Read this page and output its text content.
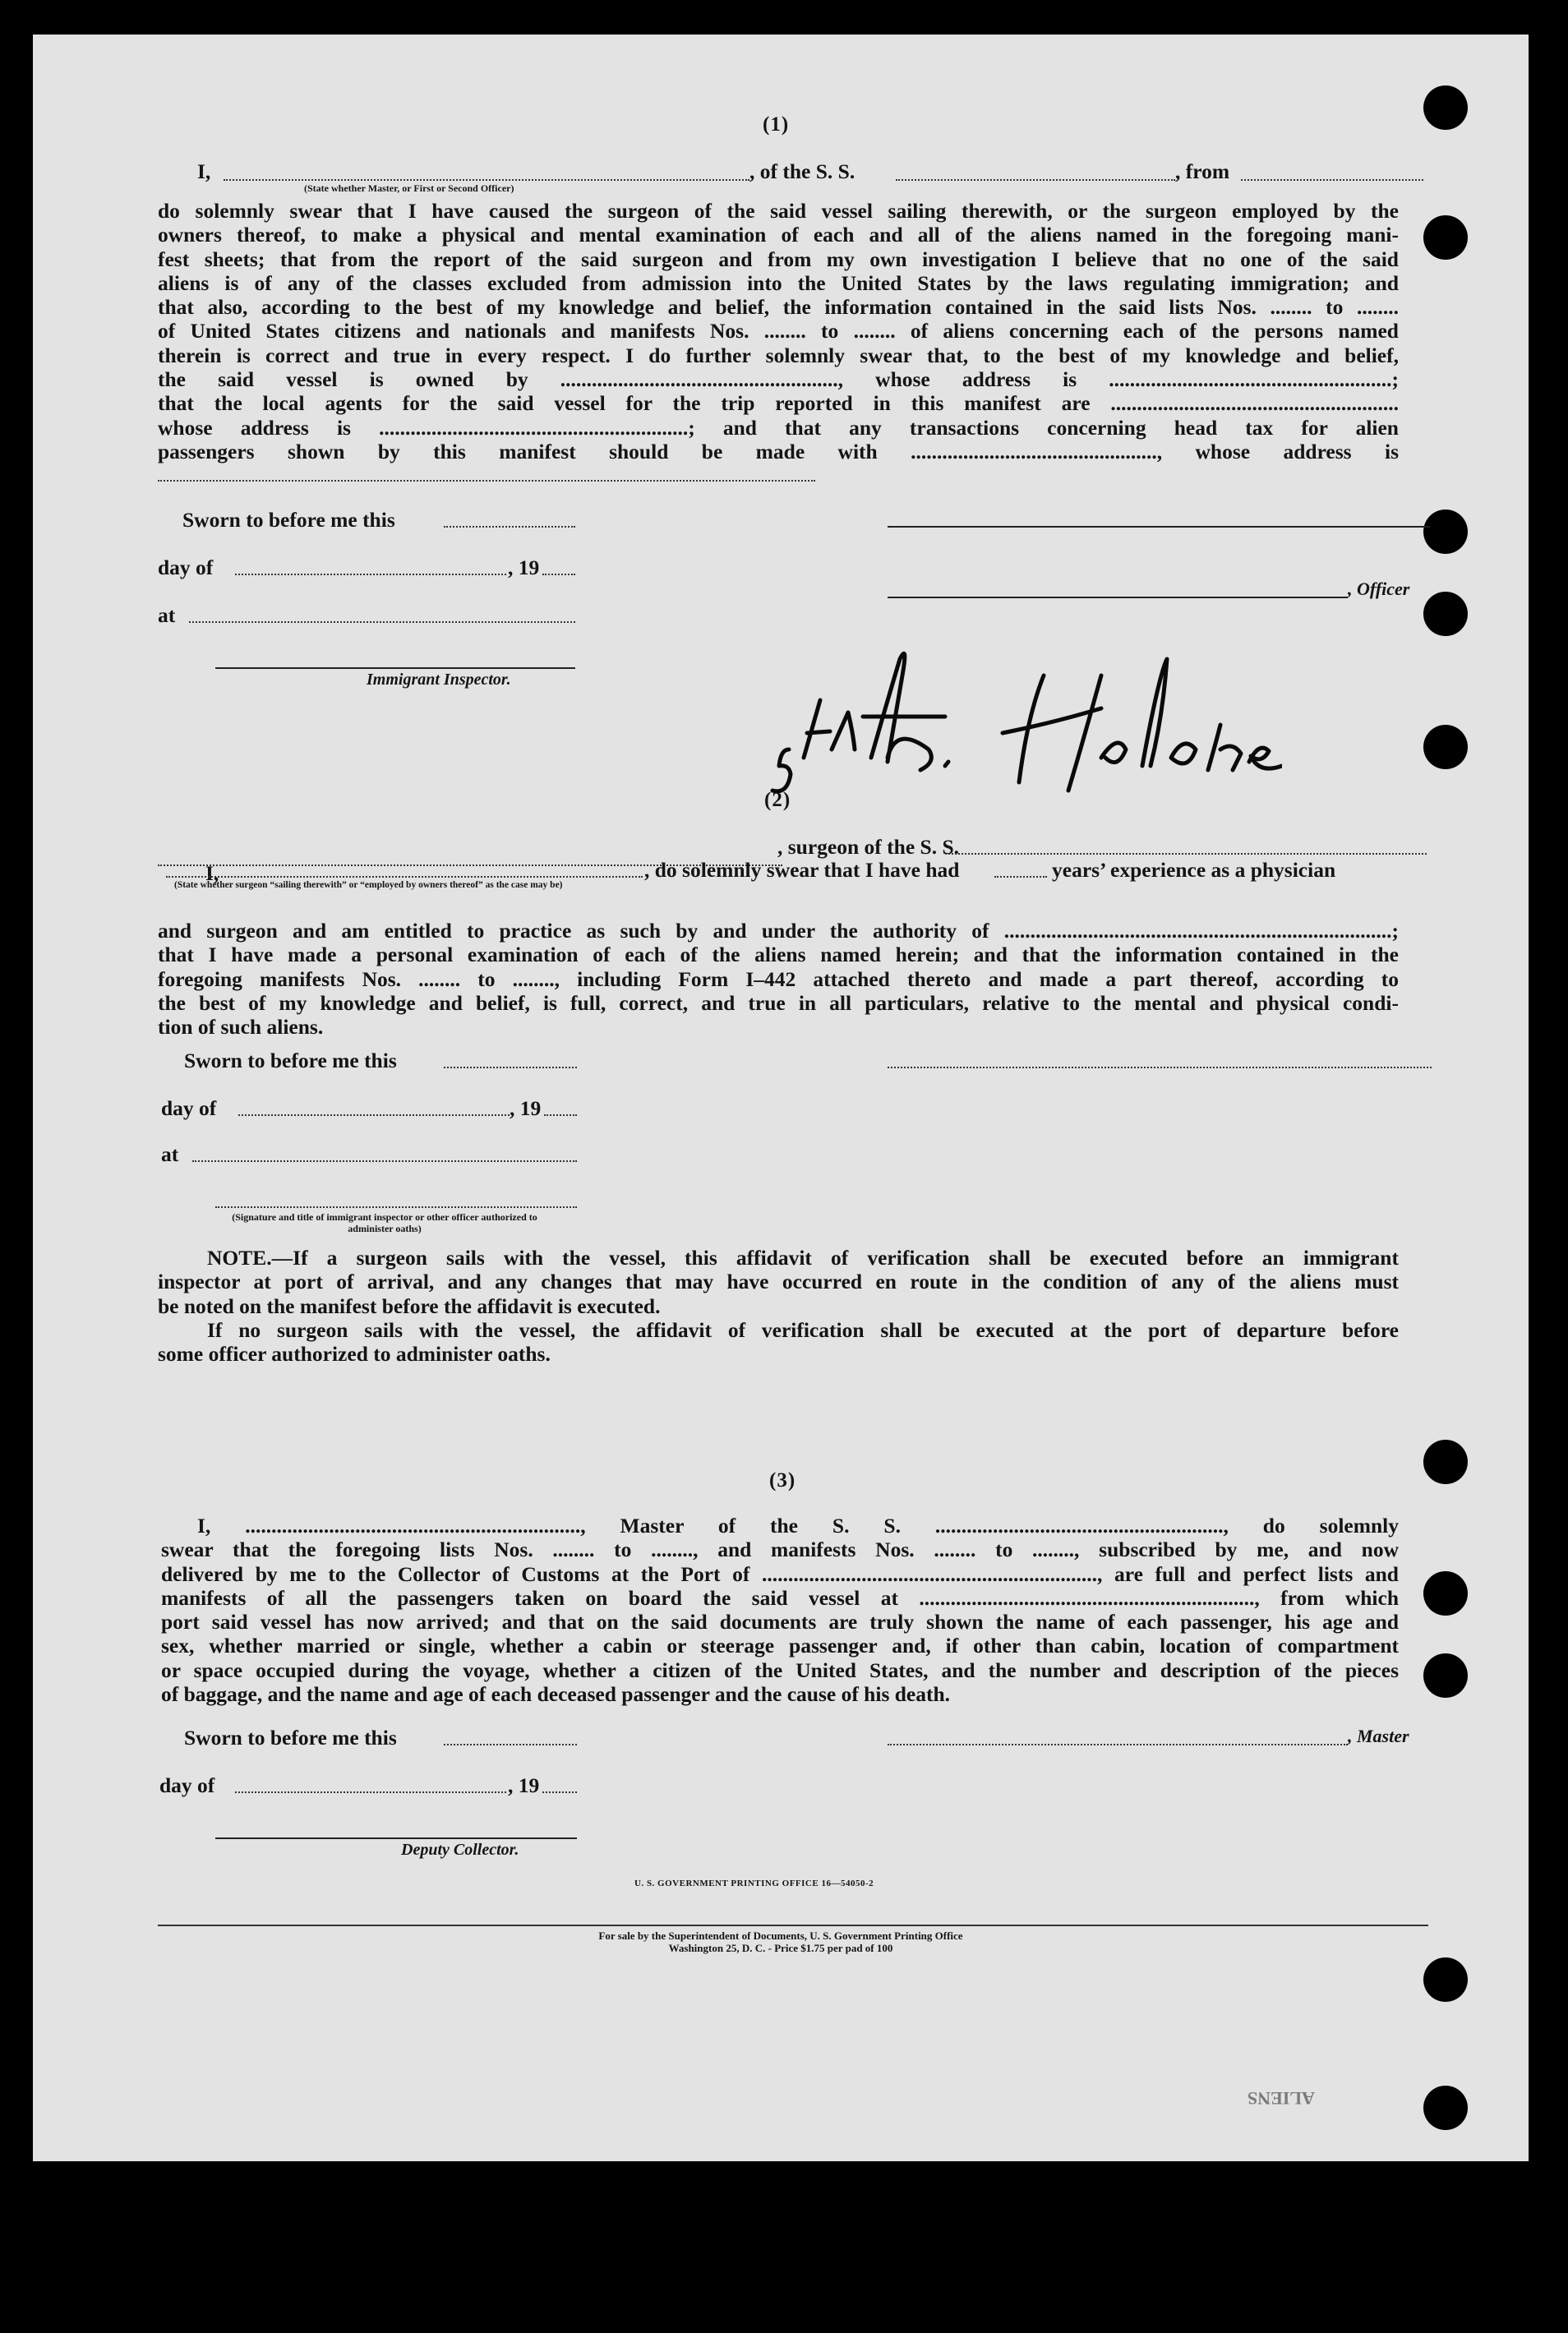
(1)
I,	, of the S. S.	, from
(State whether Master, or First or Second Officer)
do solemnly swear that I have caused the surgeon of the said vessel sailing therewith, or the surgeon employed by the
owners thereof, to make a physical and mental examination of each and all of the aliens named in the foregoing mani-
fest sheets; that from the report of the said surgeon and from my own investigation I believe that no one of the said
aliens is of any of the classes excluded from admission into the United States by the laws regulating immigration; and
that also, according to the best of my knowledge and belief, the information contained in the said lists Nos. ........ to ........
of United States citizens and nationals and manifests Nos. ........ to ........ of aliens concerning each of the persons named
therein is correct and true in every respect. I do further solemnly swear that, to the best of my knowledge and belief,
the said vessel is owned by ....................................................., whose address is ......................................................;
that the local agents for the said vessel for the trip reported in this manifest are .......................................................
whose address is ...........................................................; and that any transactions concerning head tax for alien
passengers shown by this manifest should be made with ..............................................., whose address is
Sworn to before me this
day of	, 19
, Officer
at
Immigrant Inspector.
(2)
, surgeon of the S. S.
I,	, do solemnly swear that I have had	years’ experience as a physician
(State whether surgeon “sailing therewith” or “employed by owners thereof” as the case may be)
and surgeon and am entitled to practice as such by and under the authority of ..........................................................................;
that I have made a personal examination of each of the aliens named herein; and that the information contained in the
foregoing manifests Nos. ........ to ........, including Form I–442 attached thereto and made a part thereof, according to
the best of my knowledge and belief, is full, correct, and true in all particulars, relative to the mental and physical condi-
tion of such aliens.
Sworn to before me this
day of	, 19
at
(Signature and title of immigrant inspector or other officer authorized to administer oaths)
NOTE.—If a surgeon sails with the vessel, this affidavit of verification shall be executed before an immigrant
inspector at port of arrival, and any changes that may have occurred en route in the condition of any of the aliens must
be noted on the manifest before the affidavit is executed.
If no surgeon sails with the vessel, the affidavit of verification shall be executed at the port of departure before
some officer authorized to administer oaths.
(3)
I, ................................................................, Master of the S. S. ......................................................., do solemnly
swear that the foregoing lists Nos. ........ to ........, and manifests Nos. ........ to ........, subscribed by me, and now
delivered by me to the Collector of Customs at the Port of ................................................................, are full and perfect lists and
manifests of all the passengers taken on board the said vessel at ................................................................, from which
port said vessel has now arrived; and that on the said documents are truly shown the name of each passenger, his age and
sex, whether married or single, whether a cabin or steerage passenger and, if other than cabin, location of compartment
or space occupied during the voyage, whether a citizen of the United States, and the number and description of the pieces
of baggage, and the name and age of each deceased passenger and the cause of his death.
Sworn to before me this	, Master
day of	, 19
Deputy Collector.
U. S. GOVERNMENT PRINTING OFFICE 16—54050-2
For sale by the Superintendent of Documents, U. S. Government Printing Office
Washington 25, D. C. - Price $1.75 per pad of 100
ALIENS
